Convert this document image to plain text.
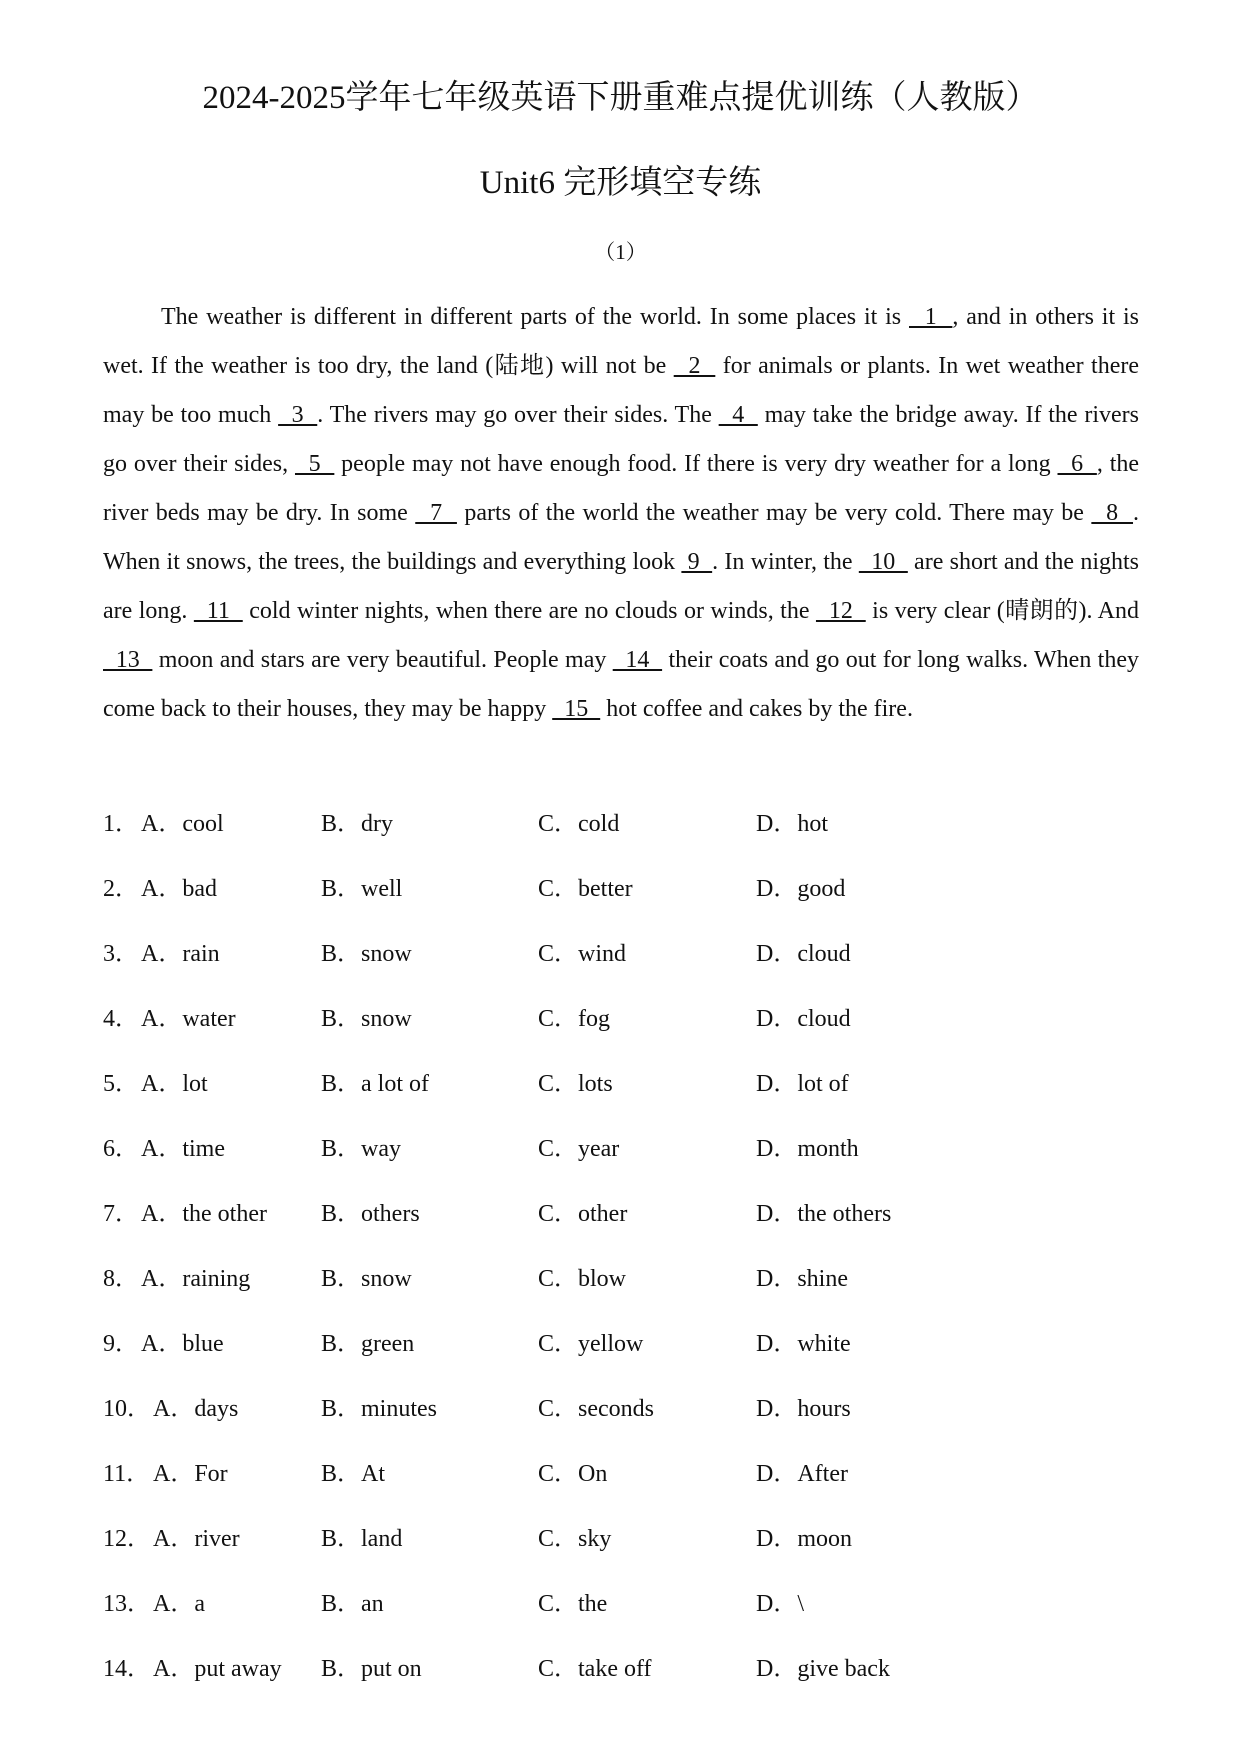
2024-2025学年七年级英语下册重难点提优训练（人教版）
Unit6 完形填空专练
（1）

The weather is different in different parts of the world. In some places it is   1  , and in others it is wet. If the weather is too dry, the land (陆地) will not be   2   for animals or plants. In wet weather there may be too much   3  . The rivers may go over their sides. The   4   may take the bridge away. If the rivers go over their sides,   5   people may not have enough food. If there is very dry weather for a long   6  , the river beds may be dry. In some   7   parts of the world the weather may be very cold. There may be   8  . When it snows, the trees, the buildings and everything look  9  . In winter, the   10   are short and the nights are long.   11   cold winter nights, when there are no clouds or winds, the   12   is very clear (晴朗的). And   13   moon and stars are very beautiful. People may   14   their coats and go out for long walks. When they come back to their houses, they may be happy   15   hot coffee and cakes by the fire.

1． A．cool	B．dry	C．cold	D．hot
2． A．bad	B．well	C．better	D．good
3． A．rain	B．snow	C．wind	D．cloud
4． A．water	B．snow	C．fog	D．cloud
5． A．lot	B．a lot of	C．lots	D．lot of
6． A．time	B．way	C．year	D．month
7． A．the other B．others	C．other	D．the others
8． A．raining	B．snow	C．blow	D．shine
9． A．blue	B．green	C．yellow	D．white
10． A．days	B．minutes	C．seconds	D．hours
11． A．For	B．At	C．On	D．After
12． A．river	B．land	C．sky	D．moon
13． A．a	B．an	C．the	D．\
14． A．put away B．put on	C．take off	D．give back
